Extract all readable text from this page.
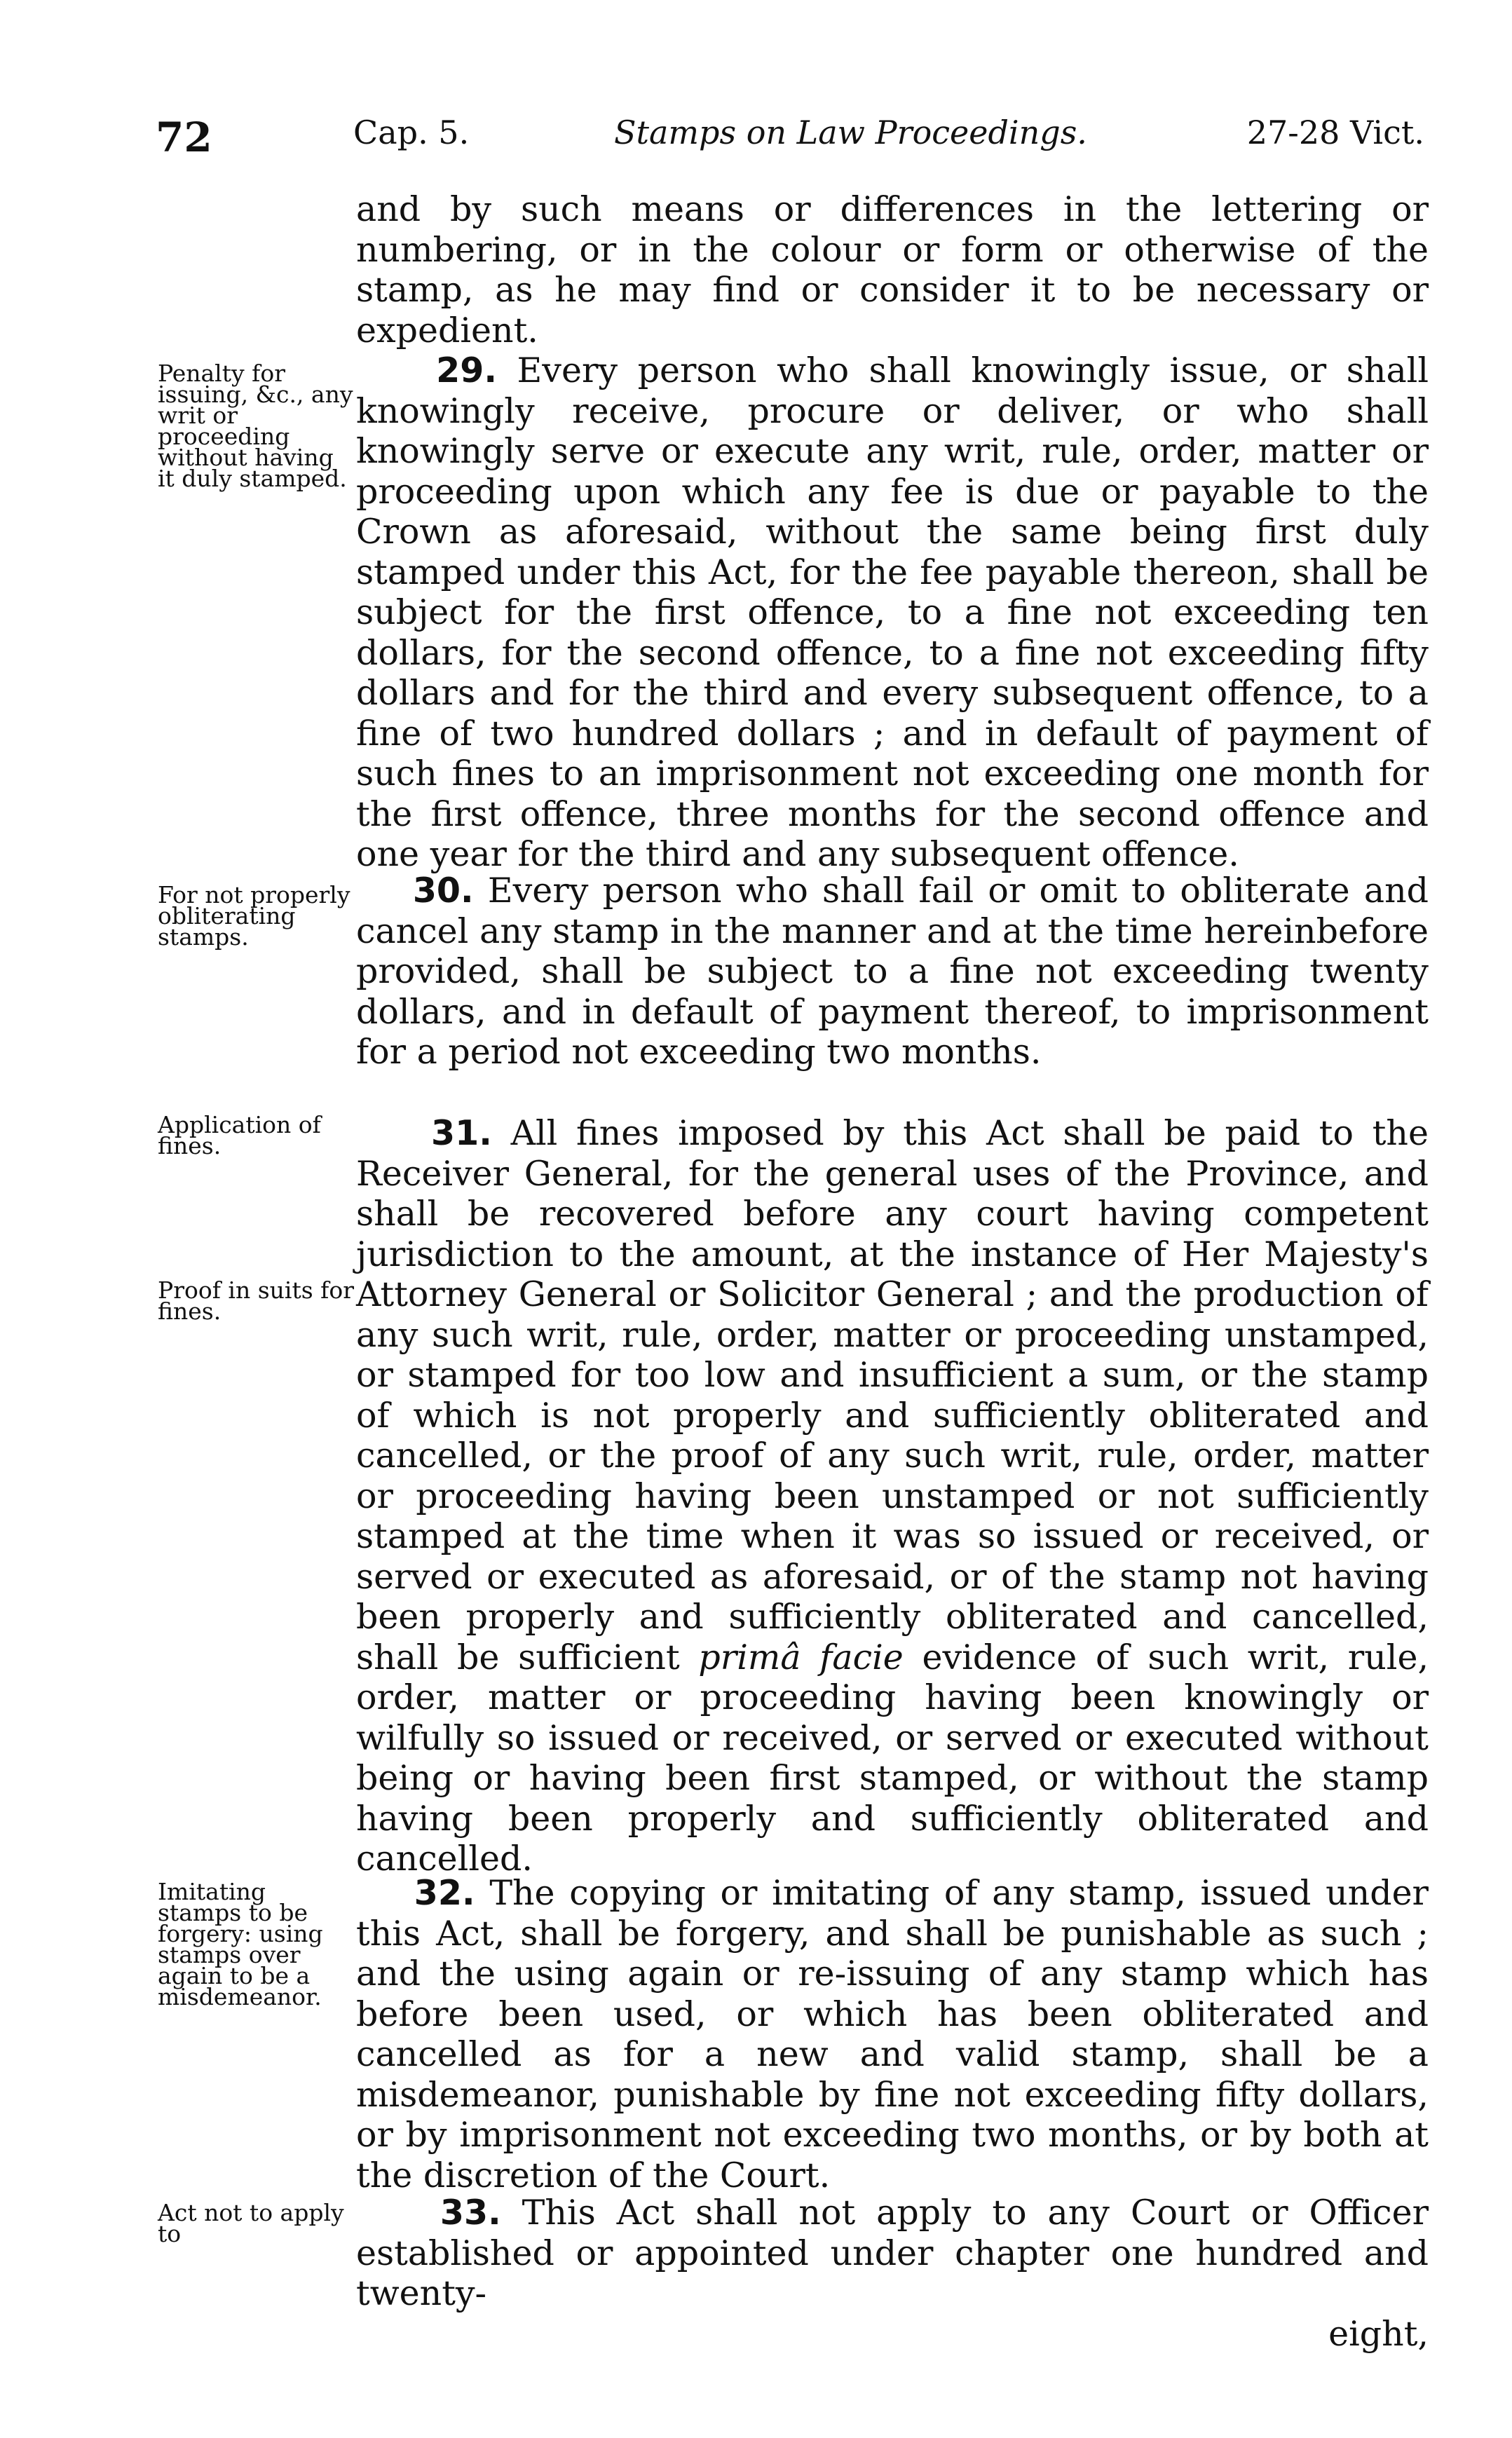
72	Cap. 5.	Stamps on Law Proceedings.	27-28 Vict.

and by such means or differences in the lettering or numbering, or in the colour or form or otherwise of the stamp, as he may find or consider it to be necessary or expedient.

Penalty for issuing, &c., any writ or proceeding without having it duly stamped.

29. Every person who shall knowingly issue, or shall knowingly receive, procure or deliver, or who shall knowingly serve or execute any writ, rule, order, matter or proceeding upon which any fee is due or payable to the Crown as aforesaid, without the same being first duly stamped under this Act, for the fee payable thereon, shall be subject for the first offence, to a fine not exceeding ten dollars, for the second offence, to a fine not exceeding fifty dollars and for the third and every subsequent offence, to a fine of two hundred dollars ; and in default of payment of such fines to an imprisonment not exceeding one month for the first offence, three months for the second offence and one year for the third and any subsequent offence.

For not properly obliterating stamps.

30. Every person who shall fail or omit to obliterate and cancel any stamp in the manner and at the time hereinbefore provided, shall be subject to a fine not exceeding twenty dollars, and in default of payment thereof, to imprisonment for a period not exceeding two months.

Application of fines.
Proof in suits for fines.

31. All fines imposed by this Act shall be paid to the Receiver General, for the general uses of the Province, and shall be recovered before any court having competent jurisdiction to the amount, at the instance of Her Majesty's Attorney General or Solicitor General ; and the production of any such writ, rule, order, matter or proceeding unstamped, or stamped for too low and insufficient a sum, or the stamp of which is not properly and sufficiently obliterated and cancelled, or the proof of any such writ, rule, order, matter or proceeding having been unstamped or not sufficiently stamped at the time when it was so issued or received, or served or executed as aforesaid, or of the stamp not having been properly and sufficiently obliterated and cancelled, shall be sufficient primâ facie evidence of such writ, rule, order, matter or proceeding having been knowingly or wilfully so issued or received, or served or executed without being or having been first stamped, or without the stamp having been properly and sufficiently obliterated and cancelled.

Imitating stamps to be forgery: using stamps over again to be a misdemeanor.

32. The copying or imitating of any stamp, issued under this Act, shall be forgery, and shall be punishable as such ; and the using again or re-issuing of any stamp which has before been used, or which has been obliterated and cancelled as for a new and valid stamp, shall be a misdemeanor, punishable by fine not exceeding fifty dollars, or by imprisonment not exceeding two months, or by both at the discretion of the Court.

Act not to apply to

33. This Act shall not apply to any Court or Officer established or appointed under chapter one hundred and twenty-

eight,
